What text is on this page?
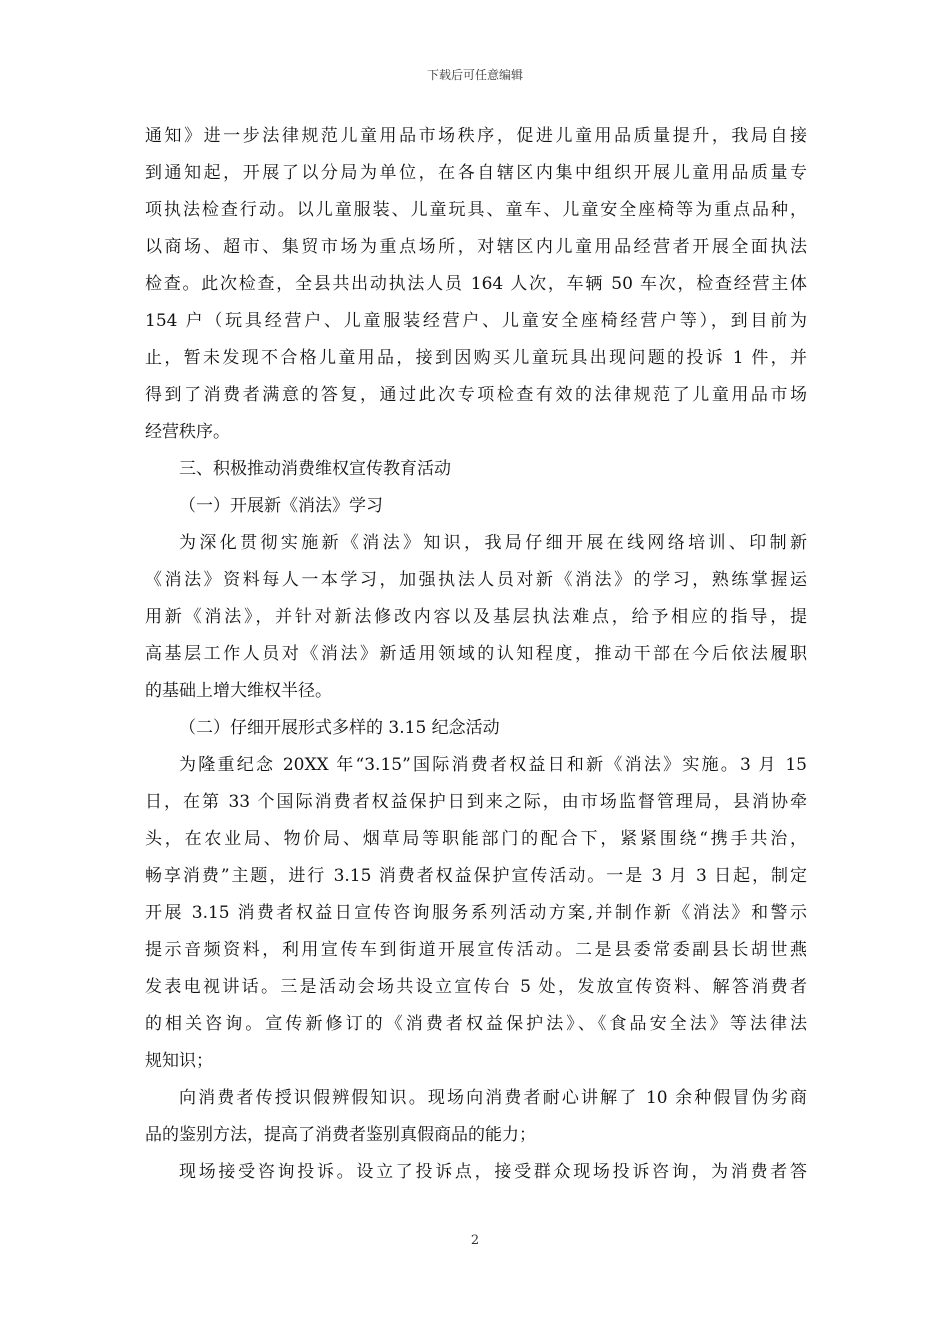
下载后可任意编辑
通知》进一步法律规范儿童用品市场秩序，促进儿童用品质量提升，我局自接
到通知起，开展了以分局为单位，在各自辖区内集中组织开展儿童用品质量专
项执法检查行动。以儿童服装、儿童玩具、童车、儿童安全座椅等为重点品种，
以商场、超市、集贸市场为重点场所，对辖区内儿童用品经营者开展全面执法
检查。此次检查，全县共出动执法人员 164 人次，车辆 50 车次，检查经营主体
154 户（玩具经营户、儿童服装经营户、儿童安全座椅经营户等），到目前为
止，暂未发现不合格儿童用品，接到因购买儿童玩具出现问题的投诉 1 件，并
得到了消费者满意的答复，通过此次专项检查有效的法律规范了儿童用品市场
经营秩序。
三、积极推动消费维权宣传教育活动
（一）开展新《消法》学习
为深化贯彻实施新《消法》知识，我局仔细开展在线网络培训、印制新
《消法》资料每人一本学习，加强执法人员对新《消法》的学习，熟练掌握运
用新《消法》，并针对新法修改内容以及基层执法难点，给予相应的指导，提
高基层工作人员对《消法》新适用领域的认知程度，推动干部在今后依法履职
的基础上增大维权半径。
（二）仔细开展形式多样的 3.15 纪念活动
为隆重纪念 20XX 年“3.15”国际消费者权益日和新《消法》实施。3 月 15
日，在第 33 个国际消费者权益保护日到来之际，由市场监督管理局，县消协牵
头，在农业局、物价局、烟草局等职能部门的配合下，紧紧围绕“携手共治，
畅享消费”主题，进行 3.15 消费者权益保护宣传活动。一是 3 月 3 日起，制定
开展 3.15 消费者权益日宣传咨询服务系列活动方案,并制作新《消法》和警示
提示音频资料，利用宣传车到街道开展宣传活动。二是县委常委副县长胡世燕
发表电视讲话。三是活动会场共设立宣传台 5 处，发放宣传资料、解答消费者
的相关咨询。宣传新修订的《消费者权益保护法》、《食品安全法》等法律法
规知识；
向消费者传授识假辨假知识。现场向消费者耐心讲解了 10 余种假冒伪劣商
品的鉴别方法，提高了消费者鉴别真假商品的能力；
现场接受咨询投诉。设立了投诉点，接受群众现场投诉咨询，为消费者答
2
